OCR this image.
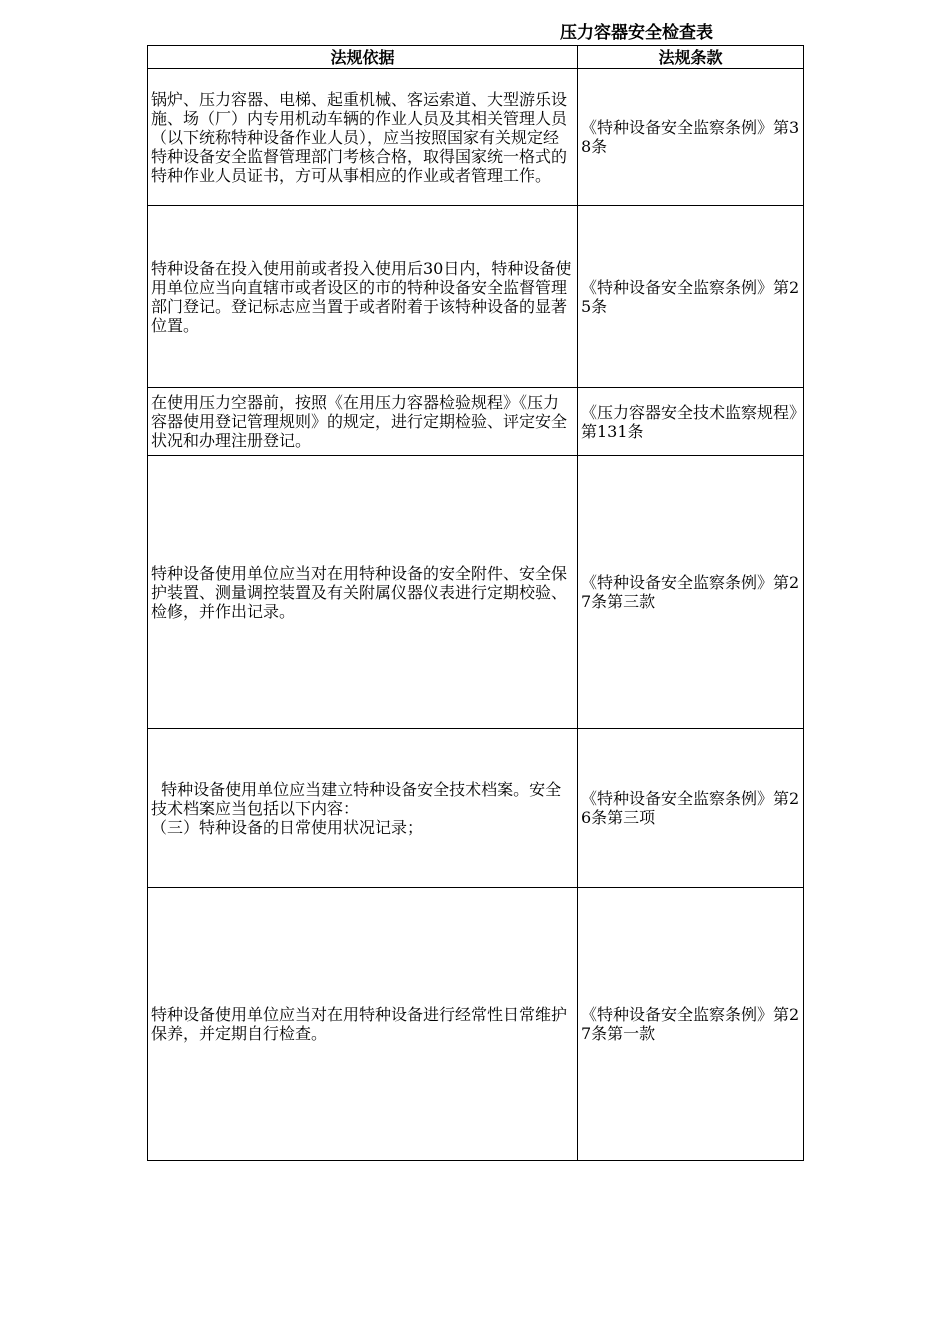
压力容器安全检查表
法规依据	法规条款
锅炉、压力容器、电梯、起重机械、客运索道、大型游乐设施、场（厂）内专用机动车辆的作业人员及其相关管理人员（以下统称特种设备作业人员），应当按照国家有关规定经特种设备安全监督管理部门考核合格，取得国家统一格式的特种作业人员证书，方可从事相应的作业或者管理工作。	《特种设备安全监察条例》第38条
特种设备在投入使用前或者投入使用后30日内，特种设备使用单位应当向直辖市或者设区的市的特种设备安全监督管理部门登记。登记标志应当置于或者附着于该特种设备的显著位置。	《特种设备安全监察条例》第25条
在使用压力空器前，按照《在用压力容器检验规程》《压力容器使用登记管理规则》的规定，进行定期检验、评定安全状况和办理注册登记。	《压力容器安全技术监察规程》第131条
特种设备使用单位应当对在用特种设备的安全附件、安全保护装置、测量调控装置及有关附属仪器仪表进行定期校验、检修，并作出记录。	《特种设备安全监察条例》第27条第三款
特种设备使用单位应当建立特种设备安全技术档案。安全技术档案应当包括以下内容：
（三）特种设备的日常使用状况记录；	《特种设备安全监察条例》第26条第三项
特种设备使用单位应当对在用特种设备进行经常性日常维护保养，并定期自行检查。	《特种设备安全监察条例》第27条第一款
